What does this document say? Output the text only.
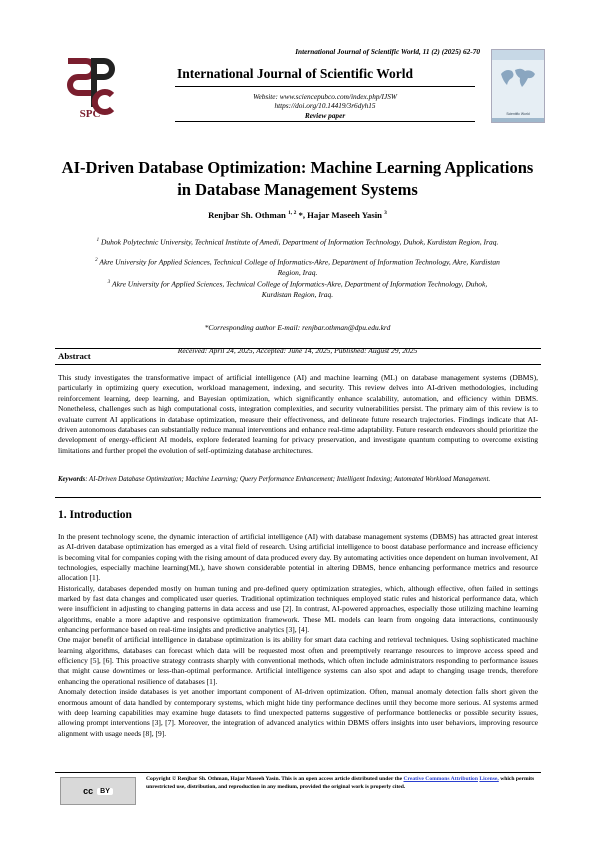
SPC
International Journal of Scientific World, 11 (2) (2025) 62-70
International Journal of Scientific World
Website: www.sciencepubco.com/index.php/IJSW
https://doi.org/10.14419/3r6dyh15
Review paper	Scientific World
AI-Driven Database Optimization: Machine Learning Applications in Database Management Systems
Renjbar Sh. Othman $^{1, 2}$ *, Hajar Maseeh Yasin $^3$
$^1$ Duhok Polytechnic University, Technical Institute of Amedi, Department of Information Technology, Duhok, Kurdistan Region, Iraq.
$^2$ Akre University for Applied Sciences, Technical College of Informatics-Akre, Department of Information Technology, Akre, Kurdistan Region, Iraq.
$^3$ Akre University for Applied Sciences, Technical College of Informatics-Akre, Department of Information Technology, Duhok, Kurdistan Region, Iraq.
*Corresponding author E-mail: renjbar.othman@dpu.edu.krd
Received: April 24, 2025, Accepted: June 14, 2025, Published: August 29, 2025
Abstract
This study investigates the transformative impact of artificial intelligence (AI) and machine learning (ML) on database management systems (DBMS), particularly in optimizing query execution, workload management, indexing, and security. This review delves into AI-driven methodologies, including reinforcement learning, deep learning, and Bayesian optimization, which significantly enhance scalability, automation, and efficiency within DBMS. Nonetheless, challenges such as high computational costs, integration complexities, and security vulnerabilities persist. The primary aim of this review is to evaluate current AI applications in database optimization, measure their effectiveness, and delineate future research trajectories. Findings indicate that AI-driven autonomous databases can substantially reduce manual interventions and enhance real-time adaptability. Future research endeavors should prioritize the development of energy-efficient AI models, explore federated learning for privacy preservation, and investigate quantum computing to overcome existing limitations and further propel the evolution of self-optimizing database architectures.
Keywords: AI-Driven Database Optimization; Machine Learning; Query Performance Enhancement; Intelligent Indexing; Automated Workload Management.
1. Introduction

In the present technology scene, the dynamic interaction of artificial intelligence (AI) with database management systems (DBMS) has attracted great interest as AI-driven database optimization has emerged as a vital field of research. Using artificial intelligence to boost database performance and increase efficiency is becoming vital for companies coping with the rising amount of data produced every day. By automating activities once dependent on human involvement, AI technologies, especially machine learning(ML), have shown considerable potential in altering DBMS, hence enhancing performance metrics and resource allocation [1].

Historically, databases depended mostly on human tuning and pre-defined query optimization strategies, which, although effective, often failed in settings marked by fast data changes and complicated user queries. Traditional optimization techniques employed static rules and historical performance data, which were insufficient in adjusting to changing patterns in data access and use [2]. In contrast, AI-powered approaches, especially those utilizing machine learning algorithms, enable a more adaptive and responsive optimization framework. These ML models can learn from ongoing data interactions, continuously enhancing performance based on real-time insights and predictive analytics [3], [4].

One major benefit of artificial intelligence in database optimization is its ability for smart data caching and retrieval techniques. Using sophisticated machine learning algorithms, databases can forecast which data will be requested most often and preemptively rearrange resources to improve access speed and efficiency [5], [6]. This proactive strategy contrasts sharply with conventional methods, which often include administrators responding to performance issues that might cause downtimes or less-than-optimal performance. Artificial intelligence systems can also spot and adapt to changing usage trends, therefore enhancing the operational resilience of databases [1].

Anomaly detection inside databases is yet another important component of AI-driven optimization. Often, manual anomaly detection falls short given the enormous amount of data handled by contemporary systems, which might hide tiny performance declines until they become more serious. AI systems armed with deep learning capabilities may examine huge datasets to find unexpected patterns suggestive of performance bottlenecks or possible security issues, allowing prompt interventions [3], [7]. Moreover, the integration of advanced analytics within DBMS offers insights into user behaviors, improving resource alignment with usage needs [8], [9].

cc	BY
Copyright © Renjbar Sh. Othman, Hajar Maseeh Yasin. This is an open access article distributed under the Creative Commons Attribution License, which permits unrestricted use, distribution, and reproduction in any medium, provided the original work is properly cited.
